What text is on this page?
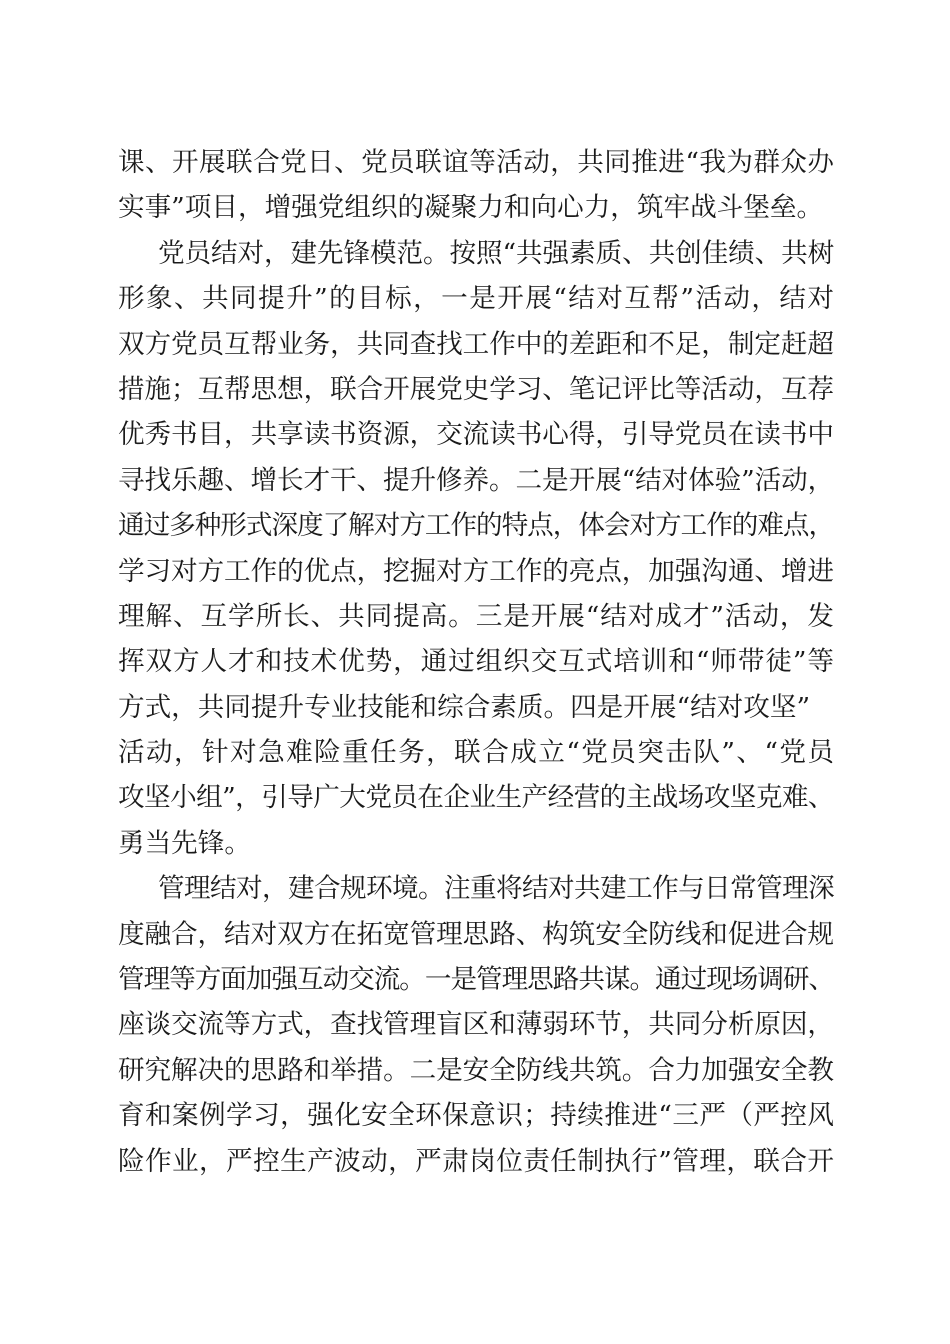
课、开展联合党日、党员联谊等活动，共同推进“我为群众办
实事”项目，增强党组织的凝聚力和向心力，筑牢战斗堡垒。
党员结对，建先锋模范。按照“共强素质、共创佳绩、共树
形象、共同提升”的目标，一是开展“结对互帮”活动，结对
双方党员互帮业务，共同查找工作中的差距和不足，制定赶超
措施；互帮思想，联合开展党史学习、笔记评比等活动，互荐
优秀书目，共享读书资源，交流读书心得，引导党员在读书中
寻找乐趣、增长才干、提升修养。二是开展“结对体验”活动，
通过多种形式深度了解对方工作的特点，体会对方工作的难点，
学习对方工作的优点，挖掘对方工作的亮点，加强沟通、增进
理解、互学所长、共同提高。三是开展“结对成才”活动，发
挥双方人才和技术优势，通过组织交互式培训和“师带徒”等
方式，共同提升专业技能和综合素质。四是开展“结对攻坚”
活动，针对急难险重任务，联合成立“党员突击队”、“党员
攻坚小组”，引导广大党员在企业生产经营的主战场攻坚克难、
勇当先锋。
管理结对，建合规环境。注重将结对共建工作与日常管理深
度融合，结对双方在拓宽管理思路、构筑安全防线和促进合规
管理等方面加强互动交流。一是管理思路共谋。通过现场调研、
座谈交流等方式，查找管理盲区和薄弱环节，共同分析原因，
研究解决的思路和举措。二是安全防线共筑。合力加强安全教
育和案例学习，强化安全环保意识；持续推进“三严（严控风
险作业，严控生产波动，严肃岗位责任制执行”管理，联合开
